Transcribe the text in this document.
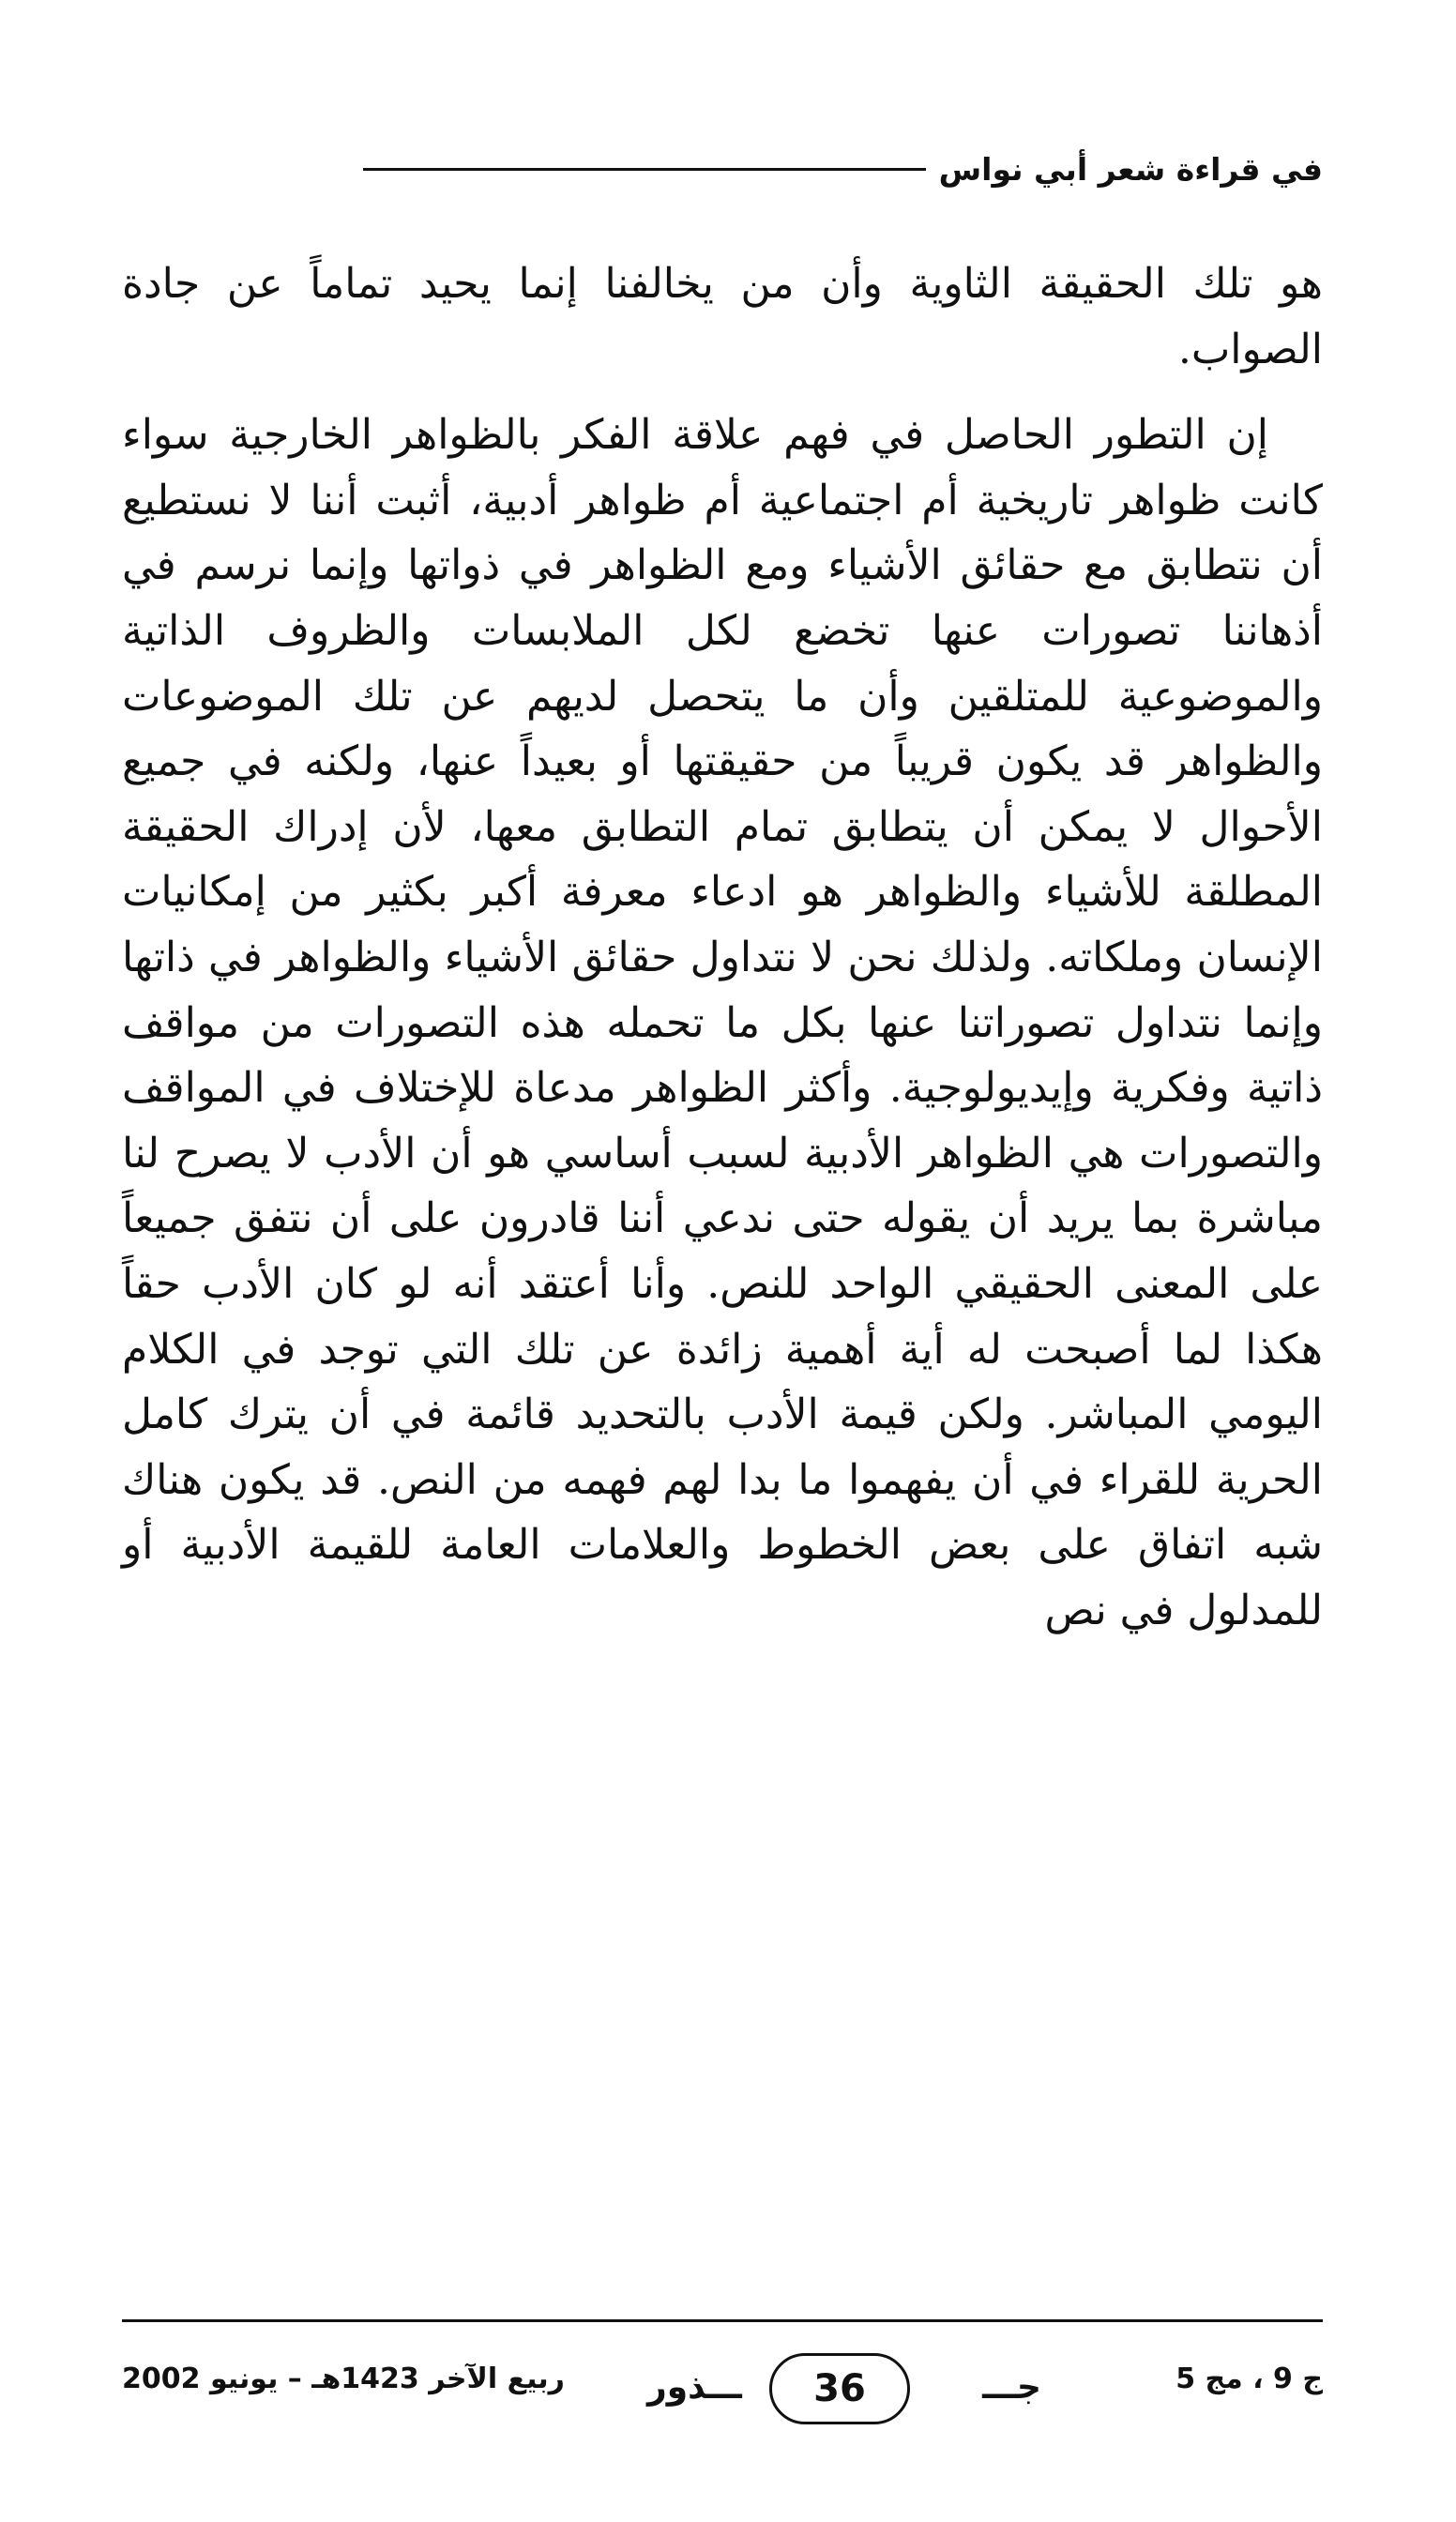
في قراءة شعر أبي نواس

هو تلك الحقيقة الثاوية وأن من يخالفنا إنما يحيد تماماً عن جادة الصواب.

إن التطور الحاصل في فهم علاقة الفكر بالظواهر الخارجية سواء كانت ظواهر تاريخية أم اجتماعية أم ظواهر أدبية، أثبت أننا لا نستطيع أن نتطابق مع حقائق الأشياء ومع الظواهر في ذواتها وإنما نرسم في أذهاننا تصورات عنها تخضع لكل الملابسات والظروف الذاتية والموضوعية للمتلقين وأن ما يتحصل لديهم عن تلك الموضوعات والظواهر قد يكون قريباً من حقيقتها أو بعيداً عنها، ولكنه في جميع الأحوال لا يمكن أن يتطابق تمام التطابق معها، لأن إدراك الحقيقة المطلقة للأشياء والظواهر هو ادعاء معرفة أكبر بكثير من إمكانيات الإنسان وملكاته. ولذلك نحن لا نتداول حقائق الأشياء والظواهر في ذاتها وإنما نتداول تصوراتنا عنها بكل ما تحمله هذه التصورات من مواقف ذاتية وفكرية وإيديولوجية. وأكثر الظواهر مدعاة للإختلاف في المواقف والتصورات هي الظواهر الأدبية لسبب أساسي هو أن الأدب لا يصرح لنا مباشرة بما يريد أن يقوله حتى ندعي أننا قادرون على أن نتفق جميعاً على المعنى الحقيقي الواحد للنص. وأنا أعتقد أنه لو كان الأدب حقاً هكذا لما أصبحت له أية أهمية زائدة عن تلك التي توجد في الكلام اليومي المباشر. ولكن قيمة الأدب بالتحديد قائمة في أن يترك كامل الحرية للقراء في أن يفهموا ما بدا لهم فهمه من النص. قد يكون هناك شبه اتفاق على بعض الخطوط والعلامات العامة للقيمة الأدبية أو للمدلول في نص

ج 9 ، مج 5
جـــ
ـــذور 36
ربيع الآخر 1423هـ – يونيو 2002
